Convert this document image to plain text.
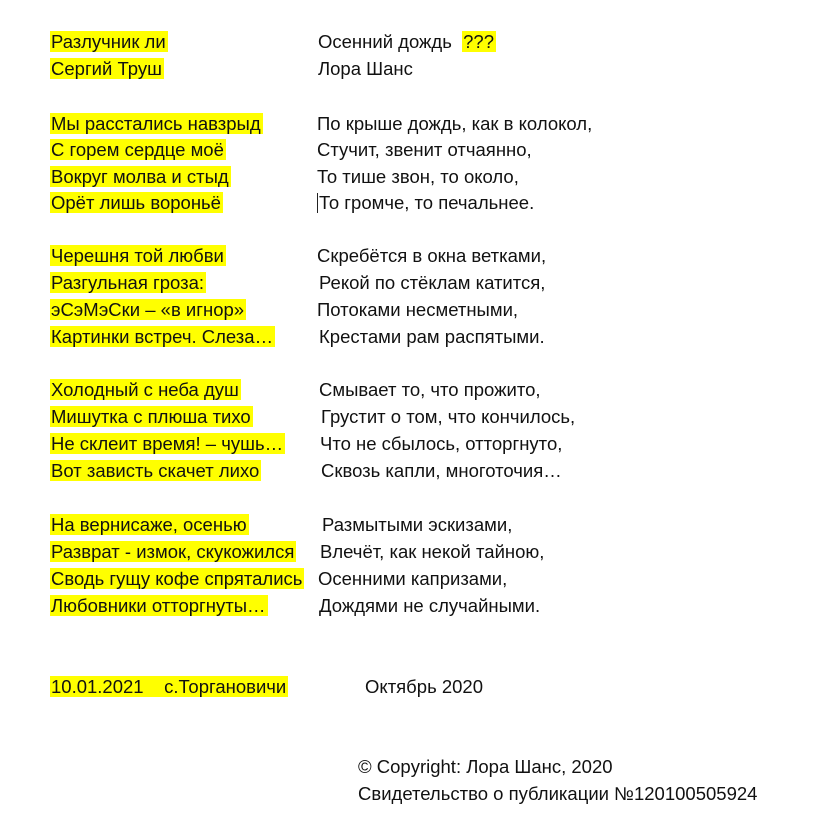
Разлучник ли
Сергий Труш
Мы расстались навзрыд
С горем сердце моё
Вокруг молва и стыд
Орёт лишь вороньё
Черешня той любви
Разгульная гроза:
эСэМэСки – «в игнор»
Картинки встреч. Слеза…
Холодный с неба душ
Мишутка с плюша тихо
Не склеит время! – чушь…
Вот зависть скачет лихо
На вернисаже, осенью
Разврат - измок, скукожился
Сводь гущу кофе спрятались
Любовники отторгнуты…
10.01.2021 с.Торгановичи
Осенний дождь ???
Лора Шанс
По крыше дождь, как в колокол,
Стучит, звенит отчаянно,
То тише звон, то около,
То громче, то печальнее.
Скребётся в окна ветками,
Рекой по стёклам катится,
Потоками несметными,
Крестами рам распятыми.
Смывает то, что прожито,
Грустит о том, что кончилось,
Что не сбылось, отторгнуто,
Сквозь капли, многоточия…
Размытыми эскизами,
Влечёт, как некой тайною,
Осенними капризами,
Дождями не случайными.
Октябрь 2020
© Copyright: Лора Шанс, 2020
Свидетельство о публикации №120100505924
